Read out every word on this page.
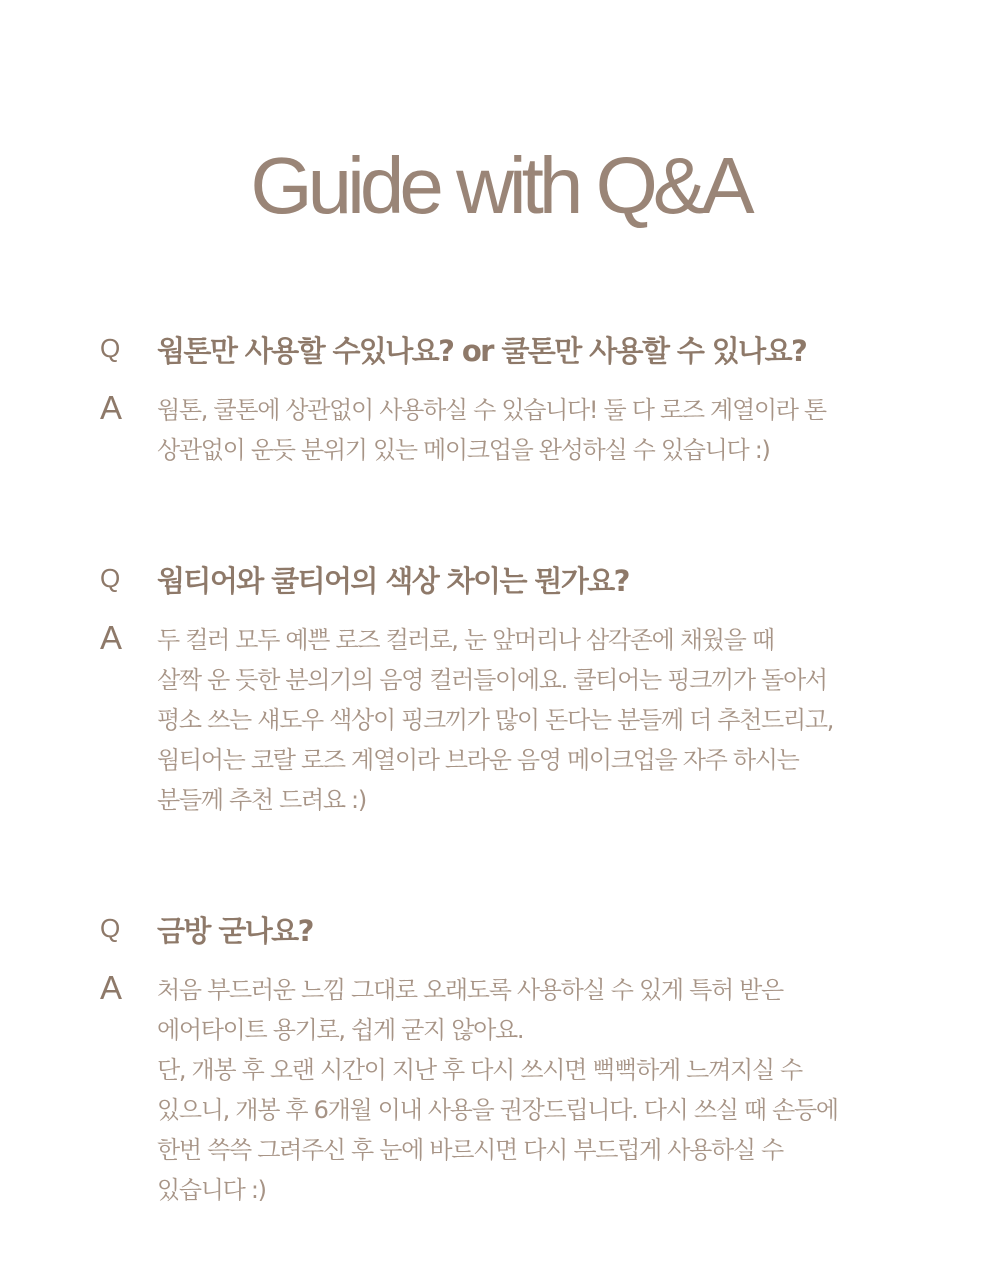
Guide with Q&A
Q	웜톤만 사용할 수있나요? or 쿨톤만 사용할 수 있나요?
A	웜톤, 쿨톤에 상관없이 사용하실 수 있습니다! 둘 다 로즈 계열이라 톤
상관없이 운듯 분위기 있는 메이크업을 완성하실 수 있습니다 :)
Q	웜티어와 쿨티어의 색상 차이는 뭔가요?
A	두 컬러 모두 예쁜 로즈 컬러로, 눈 앞머리나 삼각존에 채웠을 때
살짝 운 듯한 분의기의 음영 컬러들이에요. 쿨티어는 핑크끼가 돌아서
평소 쓰는 섀도우 색상이 핑크끼가 많이 돈다는 분들께 더 추천드리고,
웜티어는 코랄 로즈 계열이라 브라운 음영 메이크업을 자주 하시는
분들께 추천 드려요 :)
Q	금방 굳나요?
A	처음 부드러운 느낌 그대로 오래도록 사용하실 수 있게 특허 받은
에어타이트 용기로, 쉽게 굳지 않아요.
단, 개봉 후 오랜 시간이 지난 후 다시 쓰시면 뻑뻑하게 느껴지실 수
있으니, 개봉 후 6개월 이내 사용을 권장드립니다. 다시 쓰실 때 손등에
한번 쓱쓱 그려주신 후 눈에 바르시면 다시 부드럽게 사용하실 수
있습니다 :)
